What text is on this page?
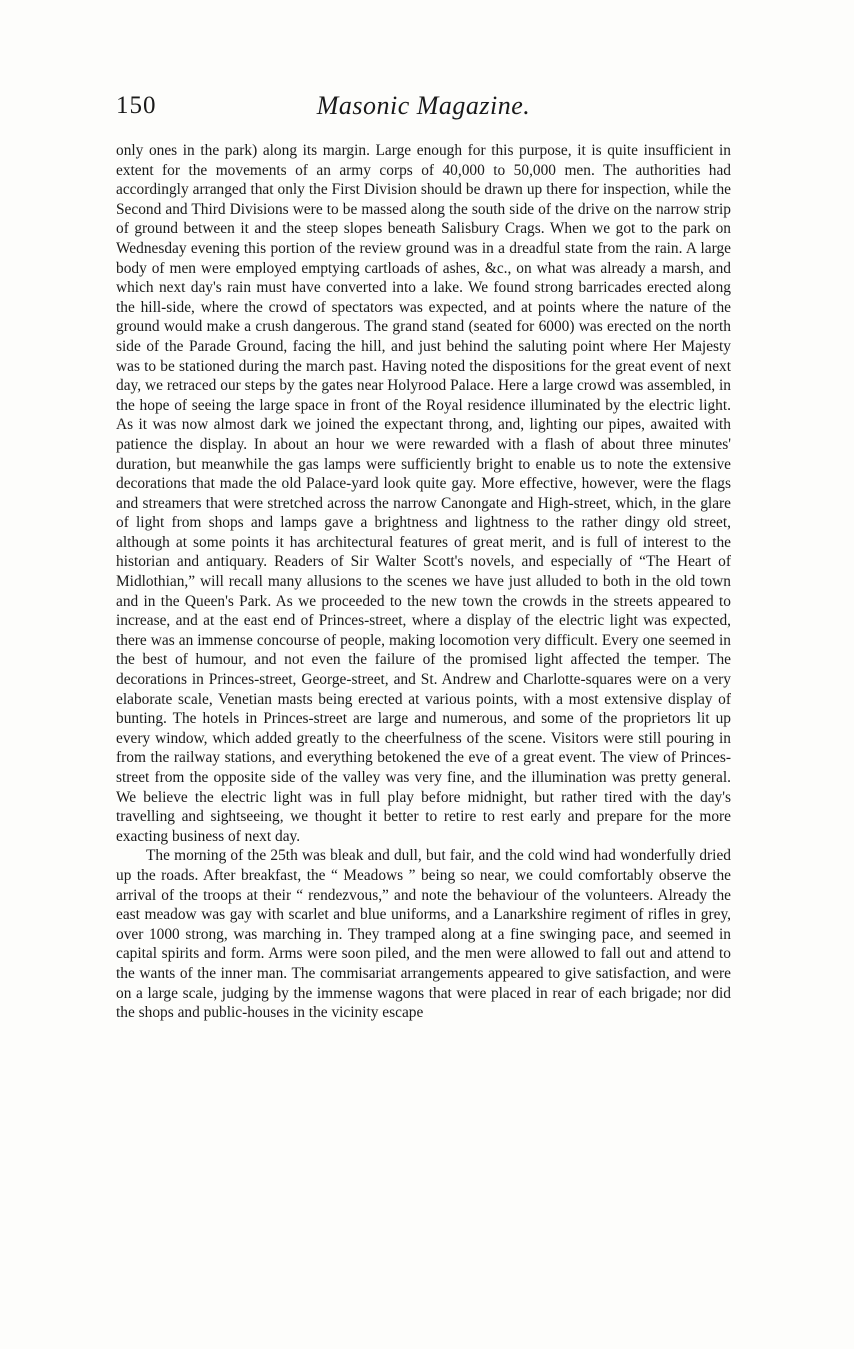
150	Masonic Magazine.

only ones in the park) along its margin. Large enough for this purpose, it is quite insufficient in extent for the movements of an army corps of 40,000 to 50,000 men. The authorities had accordingly arranged that only the First Division should be drawn up there for inspection, while the Second and Third Divisions were to be massed along the south side of the drive on the narrow strip of ground between it and the steep slopes beneath Salisbury Crags. When we got to the park on Wednesday evening this portion of the review ground was in a dreadful state from the rain. A large body of men were employed emptying cartloads of ashes, &c., on what was already a marsh, and which next day's rain must have converted into a lake. We found strong barricades erected along the hill-side, where the crowd of spectators was expected, and at points where the nature of the ground would make a crush dangerous. The grand stand (seated for 6000) was erected on the north side of the Parade Ground, facing the hill, and just behind the saluting point where Her Majesty was to be stationed during the march past. Having noted the dispositions for the great event of next day, we retraced our steps by the gates near Holyrood Palace. Here a large crowd was assembled, in the hope of seeing the large space in front of the Royal residence illuminated by the electric light. As it was now almost dark we joined the expectant throng, and, lighting our pipes, awaited with patience the display. In about an hour we were rewarded with a flash of about three minutes' duration, but meanwhile the gas lamps were sufficiently bright to enable us to note the extensive decorations that made the old Palace-yard look quite gay. More effective, however, were the flags and streamers that were stretched across the narrow Canongate and High-street, which, in the glare of light from shops and lamps gave a brightness and lightness to the rather dingy old street, although at some points it has architectural features of great merit, and is full of interest to the historian and antiquary. Readers of Sir Walter Scott's novels, and especially of “The Heart of Midlothian,” will recall many allusions to the scenes we have just alluded to both in the old town and in the Queen's Park. As we proceeded to the new town the crowds in the streets appeared to increase, and at the east end of Princes-street, where a display of the electric light was expected, there was an immense concourse of people, making locomotion very difficult. Every one seemed in the best of humour, and not even the failure of the promised light affected the temper. The decorations in Princes-street, George-street, and St. Andrew and Charlotte-squares were on a very elaborate scale, Venetian masts being erected at various points, with a most extensive display of bunting. The hotels in Princes-street are large and numerous, and some of the proprietors lit up every window, which added greatly to the cheerfulness of the scene. Visitors were still pouring in from the railway stations, and everything betokened the eve of a great event. The view of Princes-street from the opposite side of the valley was very fine, and the illumination was pretty general. We believe the electric light was in full play before midnight, but rather tired with the day's travelling and sightseeing, we thought it better to retire to rest early and prepare for the more exacting business of next day.

The morning of the 25th was bleak and dull, but fair, and the cold wind had wonderfully dried up the roads. After breakfast, the “ Meadows ” being so near, we could comfortably observe the arrival of the troops at their “ rendezvous,” and note the behaviour of the volunteers. Already the east meadow was gay with scarlet and blue uniforms, and a Lanarkshire regiment of rifles in grey, over 1000 strong, was marching in. They tramped along at a fine swinging pace, and seemed in capital spirits and form. Arms were soon piled, and the men were allowed to fall out and attend to the wants of the inner man. The commisariat arrangements appeared to give satisfaction, and were on a large scale, judging by the immense wagons that were placed in rear of each brigade; nor did the shops and public-houses in the vicinity escape
